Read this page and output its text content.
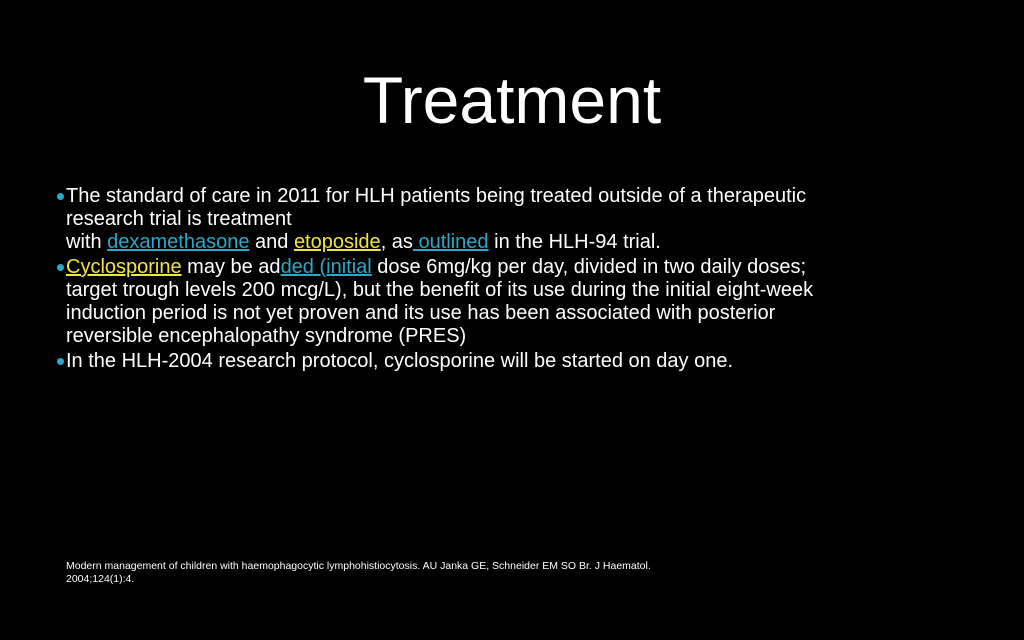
Treatment
The standard of care in 2011 for HLH patients being treated outside of a therapeutic research trial is treatment
with dexamethasone and etoposide, as outlined in the HLH-94 trial.
Cyclosporine may be added (initial dose 6mg/kg per day, divided in two daily doses; target trough levels 200 mcg/L), but the benefit of its use during the initial eight-week induction period is not yet proven and its use has been associated with posterior reversible encephalopathy syndrome (PRES)
In the HLH-2004 research protocol, cyclosporine will be started on day one.
Modern management of children with haemophagocytic lymphohistiocytosis. AU Janka GE, Schneider EM SO Br. J Haematol.
2004;124(1):4.
